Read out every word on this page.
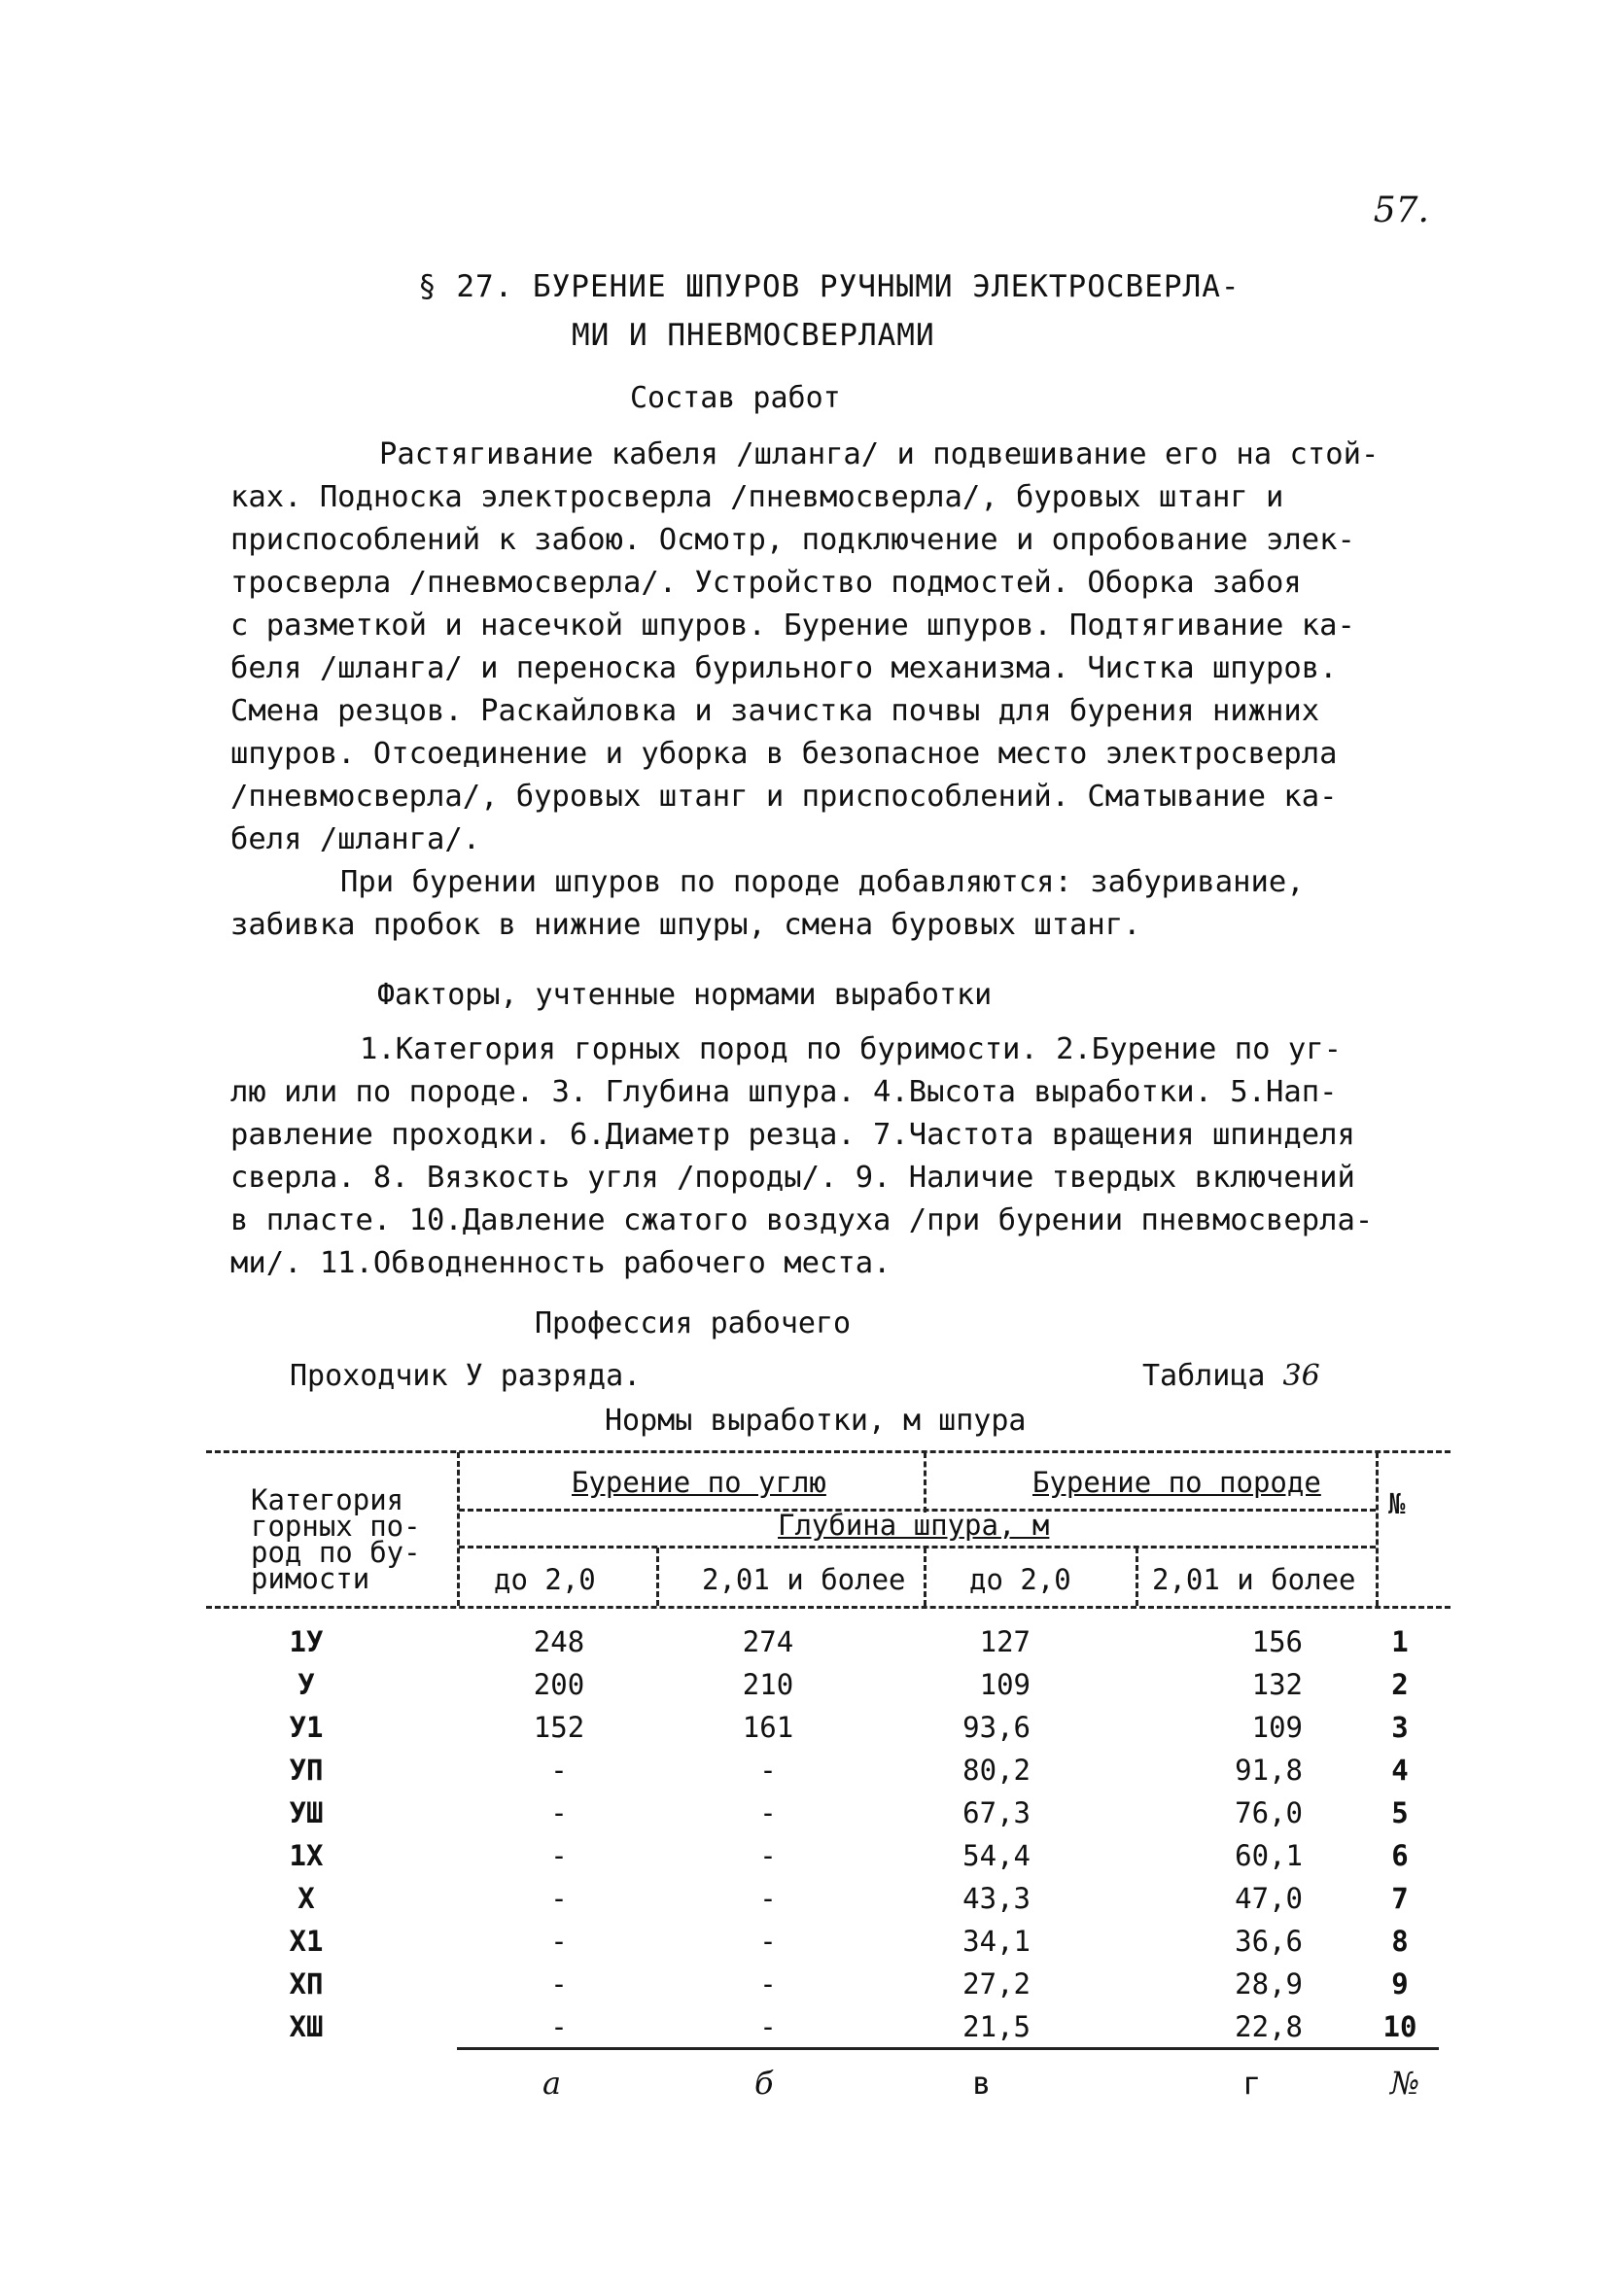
57.
§ 27. БУРЕНИЕ ШПУРОВ РУЧНЫМИ ЭЛЕКТРОСВЕРЛА-
МИ И ПНЕВМОСВЕРЛАМИ
Состав работ
Растягивание кабеля /шланга/ и подвешивание его на стой-
ках. Поднoска электросверла /пневмосверла/, буровых штанг и
приспособлений к забою. Осмотр, подключение и опробование элек-
тросверла /пневмосверла/. Устройство подмостей. Оборка забоя
с разметкой и насечкой шпуров. Бурение шпуров. Подтягивание ка-
беля /шланга/ и переноска бурильного механизма. Чистка шпуров.
Смена резцов. Раскайловка и зачистка почвы для бурения нижних
шпуров. Отсоединение и уборка в безопасное место электросверла
/пневмосверла/, буровых штанг и приспособлений. Сматывание ка-
беля /шланга/.
При бурении шпуров по породе добавляются: забуривание,
забивка пробок в нижние шпуры, смена буровых штанг.
Факторы, учтенные нормами выработки
1.Категория горных пород по буримости. 2.Бурение по уг-
лю или по породе. 3. Глубина шпура. 4.Высота выработки. 5.Нап-
равление проходки. 6.Диаметр резца. 7.Частота вращения шпинделя
сверла. 8. Вязкость угля /породы/. 9. Наличие твердых включений
в пласте. 10.Давление сжатого воздуха /при бурении пневмосверла-
ми/. 11.Обводненность рабочего места.
Профессия рабочего
Проходчик У разряда.	Таблица 36
Нормы выработки, м шпура
Категория
горных по-
род по бу-
римости
Бурение по углю	Бурение по породе
Глубина шпура, м
до 2,0	2,01 и более до 2,0	2,01 и более
№
1У	248	274	127	156	1
У	200	210	109	132	2
У1	152	161	93,6	109	3
УП	-	-	80,2	91,8	4
УШ	-	-	67,3	76,0	5
1Х	-	-	54,4	60,1	6
Х	-	-	43,3	47,0	7
Х1	-	-	34,1	36,6	8
ХП	-	-	27,2	28,9	9
ХШ	-	-	21,5	22,8	10
а	б	в	г	№
